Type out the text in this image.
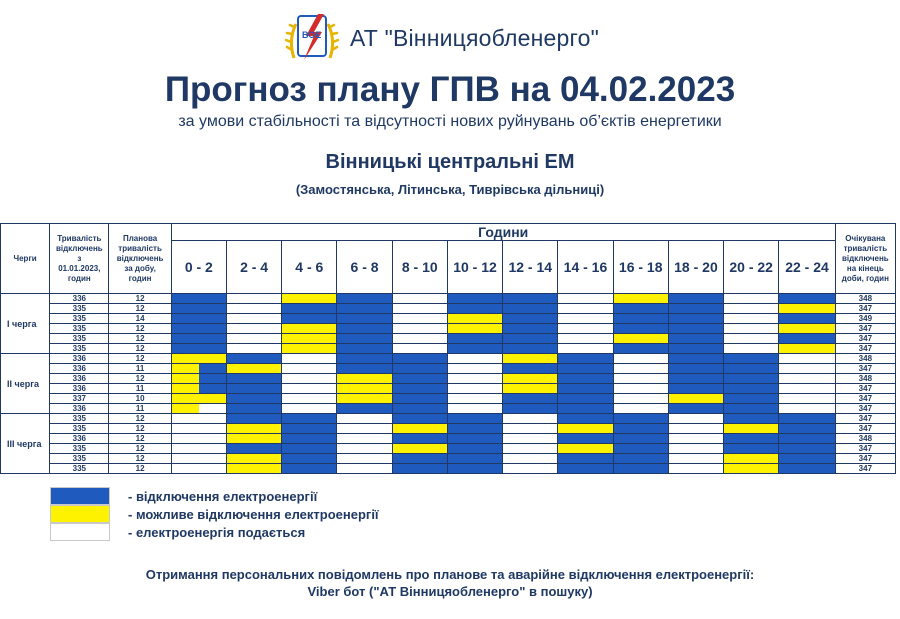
ВОЕ АТ "Вінницяобленерго"
Прогноз плану ГПВ на 04.02.2023
за умови стабільності та відсутності нових руйнувань об’єктів енергетики
Вінницькі центральні ЕМ
(Замостянська, Літинська, Тиврівська дільниці)
Черги	Тривалість
відключень
з
01.01.2023,
годин	Планова
тривалість
відключень
за добу,
годин	Години												Очікувана
тривалість
відключень
на кінець
доби, годин
			0 - 2	2 - 4	4 - 6	6 - 8	8 - 10	10 - 12	12 - 14	14 - 16	16 - 18	18 - 20	20 - 22	22 - 24	
I черга	336	12													348
	335	12													347
	335	14													349
	335	12													347
	335	12													347
	335	12													347
II черга	336	12													348
	336	11													347
	336	12													348
	336	11													347
	337	10													347
	336	11													347
III черга	335	12													347
	335	12													347
	336	12													348
	335	12													347
	335	12													347
	335	12													347
- відключення електроенергії
- можливе відключення електроенергії
- електроенергія подається
Отримання персональних повідомлень про планове та аварійне відключення електроенергії:
Viber бот ("АТ Вінницяобленерго" в пошуку)
